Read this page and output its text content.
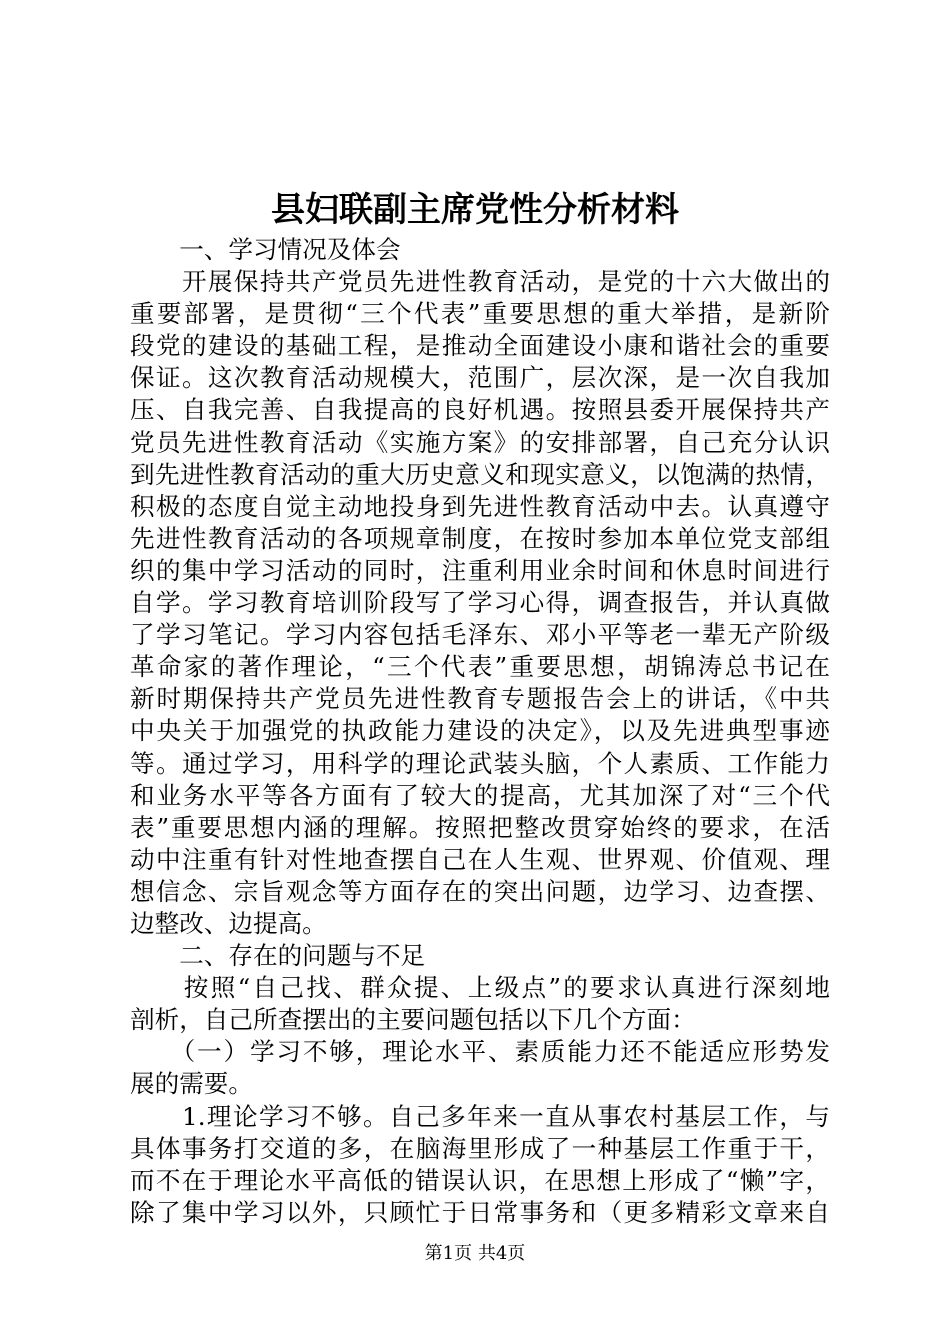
县妇联副主席党性分析材料
　　一、学习情况及体会
　　开展保持共产党员先进性教育活动，是党的十六大做出的
重要部署，是贯彻“三个代表”重要思想的重大举措，是新阶
段党的建设的基础工程，是推动全面建设小康和谐社会的重要
保证。这次教育活动规模大，范围广，层次深，是一次自我加
压、自我完善、自我提高的良好机遇。按照县委开展保持共产
党员先进性教育活动《实施方案》的安排部署，自己充分认识
到先进性教育活动的重大历史意义和现实意义，以饱满的热情，
积极的态度自觉主动地投身到先进性教育活动中去。认真遵守
先进性教育活动的各项规章制度，在按时参加本单位党支部组
织的集中学习活动的同时，注重利用业余时间和休息时间进行
自学。学习教育培训阶段写了学习心得，调查报告，并认真做
了学习笔记。学习内容包括毛泽东、邓小平等老一辈无产阶级
革命家的著作理论，“三个代表”重要思想，胡锦涛总书记在
新时期保持共产党员先进性教育专题报告会上的讲话，《中共
中央关于加强党的执政能力建设的决定》，以及先进典型事迹
等。通过学习，用科学的理论武装头脑，个人素质、工作能力
和业务水平等各方面有了较大的提高，尤其加深了对“三个代
表”重要思想内涵的理解。按照把整改贯穿始终的要求，在活
动中注重有针对性地查摆自己在人生观、世界观、价值观、理
想信念、宗旨观念等方面存在的突出问题，边学习、边查摆、
边整改、边提高。
　　二、存在的问题与不足
　　按照“自己找、群众提、上级点”的要求认真进行深刻地
剖析，自己所查摆出的主要问题包括以下几个方面：
　　（一）学习不够，理论水平、素质能力还不能适应形势发
展的需要。
　　1.理论学习不够。自己多年来一直从事农村基层工作，与
具体事务打交道的多，在脑海里形成了一种基层工作重于干，
而不在于理论水平高低的错误认识，在思想上形成了“懒”字，
除了集中学习以外，只顾忙于日常事务和（更多精彩文章来自
第1页 共4页
